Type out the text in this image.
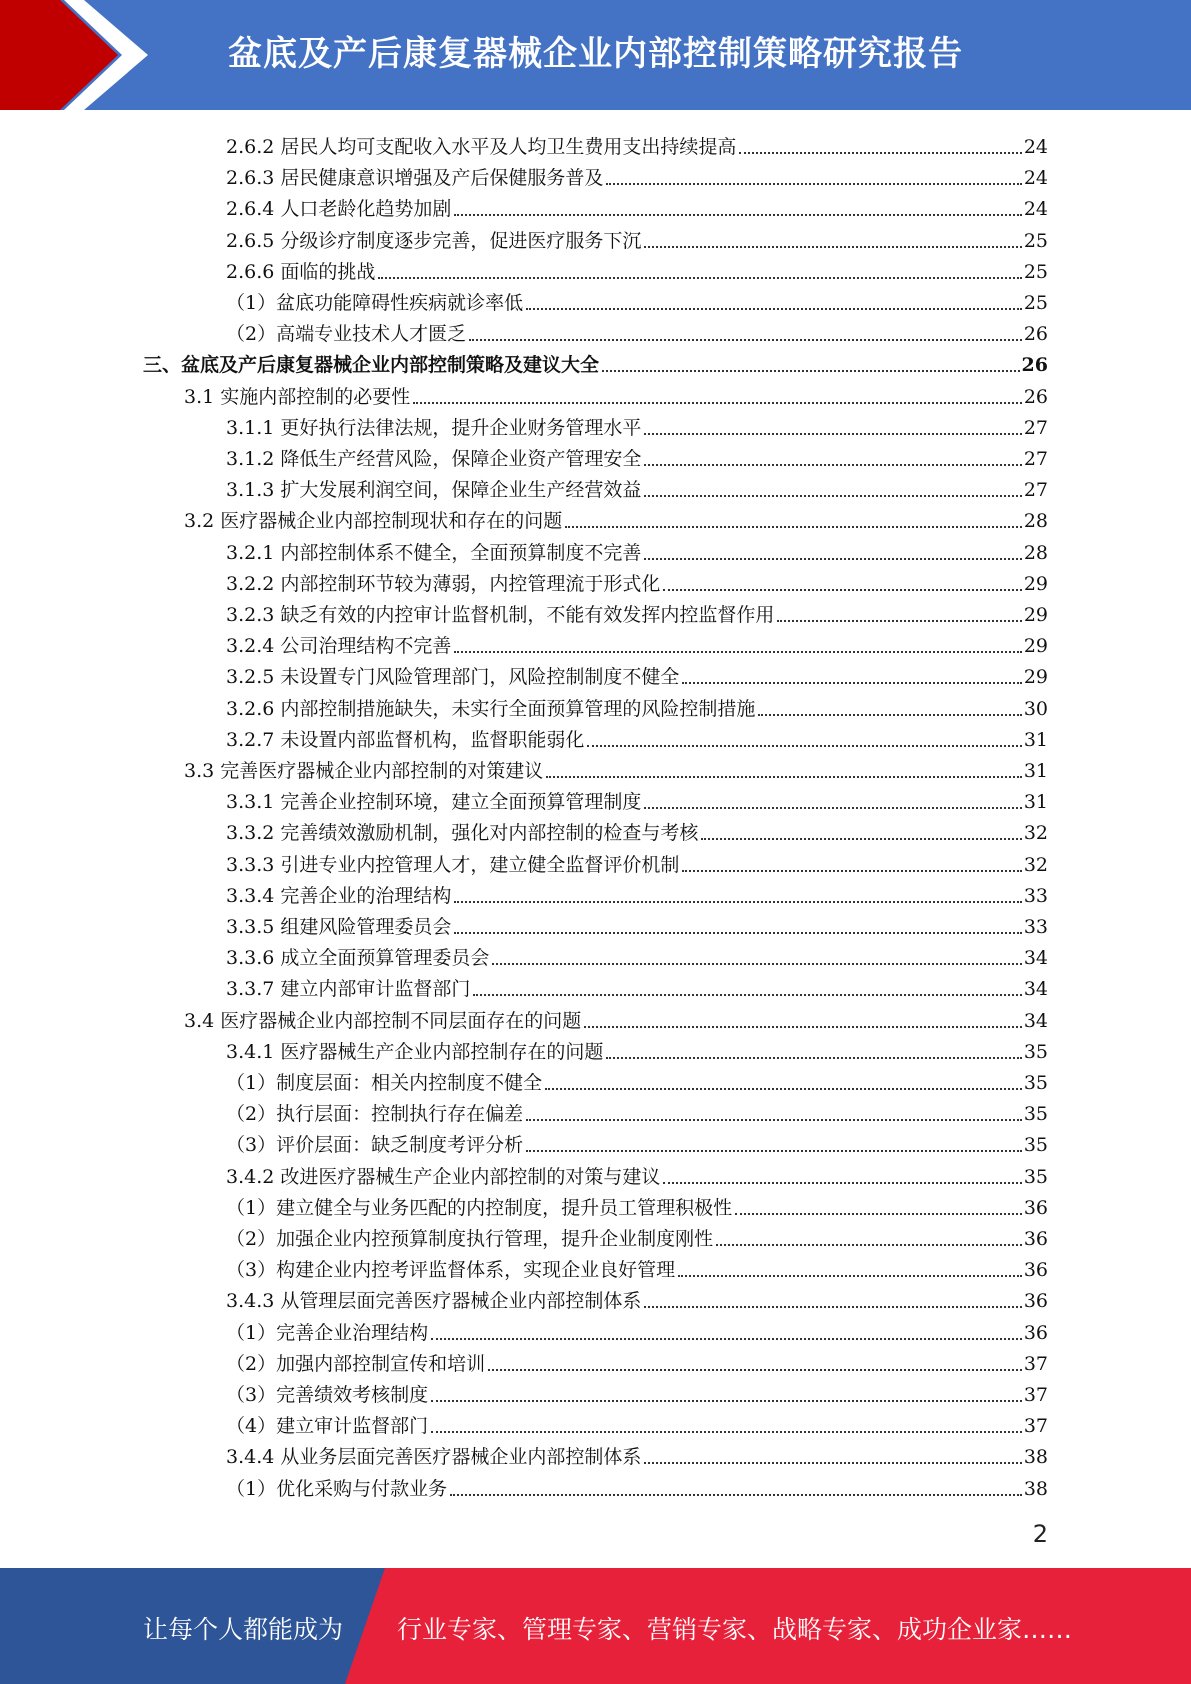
盆底及产后康复器械企业内部控制策略研究报告
2.6.2 居民人均可支配收入水平及人均卫生费用支出持续提高	24
2.6.3 居民健康意识增强及产后保健服务普及	24
2.6.4 人口老龄化趋势加剧	24
2.6.5 分级诊疗制度逐步完善，促进医疗服务下沉	25
2.6.6 面临的挑战	25
（1）盆底功能障碍性疾病就诊率低	25
（2）高端专业技术人才匮乏	26
三、盆底及产后康复器械企业内部控制策略及建议大全	26
3.1 实施内部控制的必要性	26
3.1.1 更好执行法律法规，提升企业财务管理水平	27
3.1.2 降低生产经营风险，保障企业资产管理安全	27
3.1.3 扩大发展利润空间，保障企业生产经营效益	27
3.2 医疗器械企业内部控制现状和存在的问题	28
3.2.1 内部控制体系不健全，全面预算制度不完善	28
3.2.2 内部控制环节较为薄弱，内控管理流于形式化	29
3.2.3 缺乏有效的内控审计监督机制，不能有效发挥内控监督作用	29
3.2.4 公司治理结构不完善	29
3.2.5 未设置专门风险管理部门，风险控制制度不健全	29
3.2.6 内部控制措施缺失，未实行全面预算管理的风险控制措施	30
3.2.7 未设置内部监督机构，监督职能弱化	31
3.3 完善医疗器械企业内部控制的对策建议	31
3.3.1 完善企业控制环境，建立全面预算管理制度	31
3.3.2 完善绩效激励机制，强化对内部控制的检查与考核	32
3.3.3 引进专业内控管理人才，建立健全监督评价机制	32
3.3.4 完善企业的治理结构	33
3.3.5 组建风险管理委员会	33
3.3.6 成立全面预算管理委员会	34
3.3.7 建立内部审计监督部门	34
3.4 医疗器械企业内部控制不同层面存在的问题	34
3.4.1 医疗器械生产企业内部控制存在的问题	35
（1）制度层面：相关内控制度不健全	35
（2）执行层面：控制执行存在偏差	35
（3）评价层面：缺乏制度考评分析	35
3.4.2 改进医疗器械生产企业内部控制的对策与建议	35
（1）建立健全与业务匹配的内控制度，提升员工管理积极性	36
（2）加强企业内控预算制度执行管理，提升企业制度刚性	36
（3）构建企业内控考评监督体系，实现企业良好管理	36
3.4.3 从管理层面完善医疗器械企业内部控制体系	36
（1）完善企业治理结构	36
（2）加强内部控制宣传和培训	37
（3）完善绩效考核制度	37
（4）建立审计监督部门	37
3.4.4 从业务层面完善医疗器械企业内部控制体系	38
（1）优化采购与付款业务	38
2
让每个人都能成为 行业专家、管理专家、营销专家、战略专家、成功企业家……
